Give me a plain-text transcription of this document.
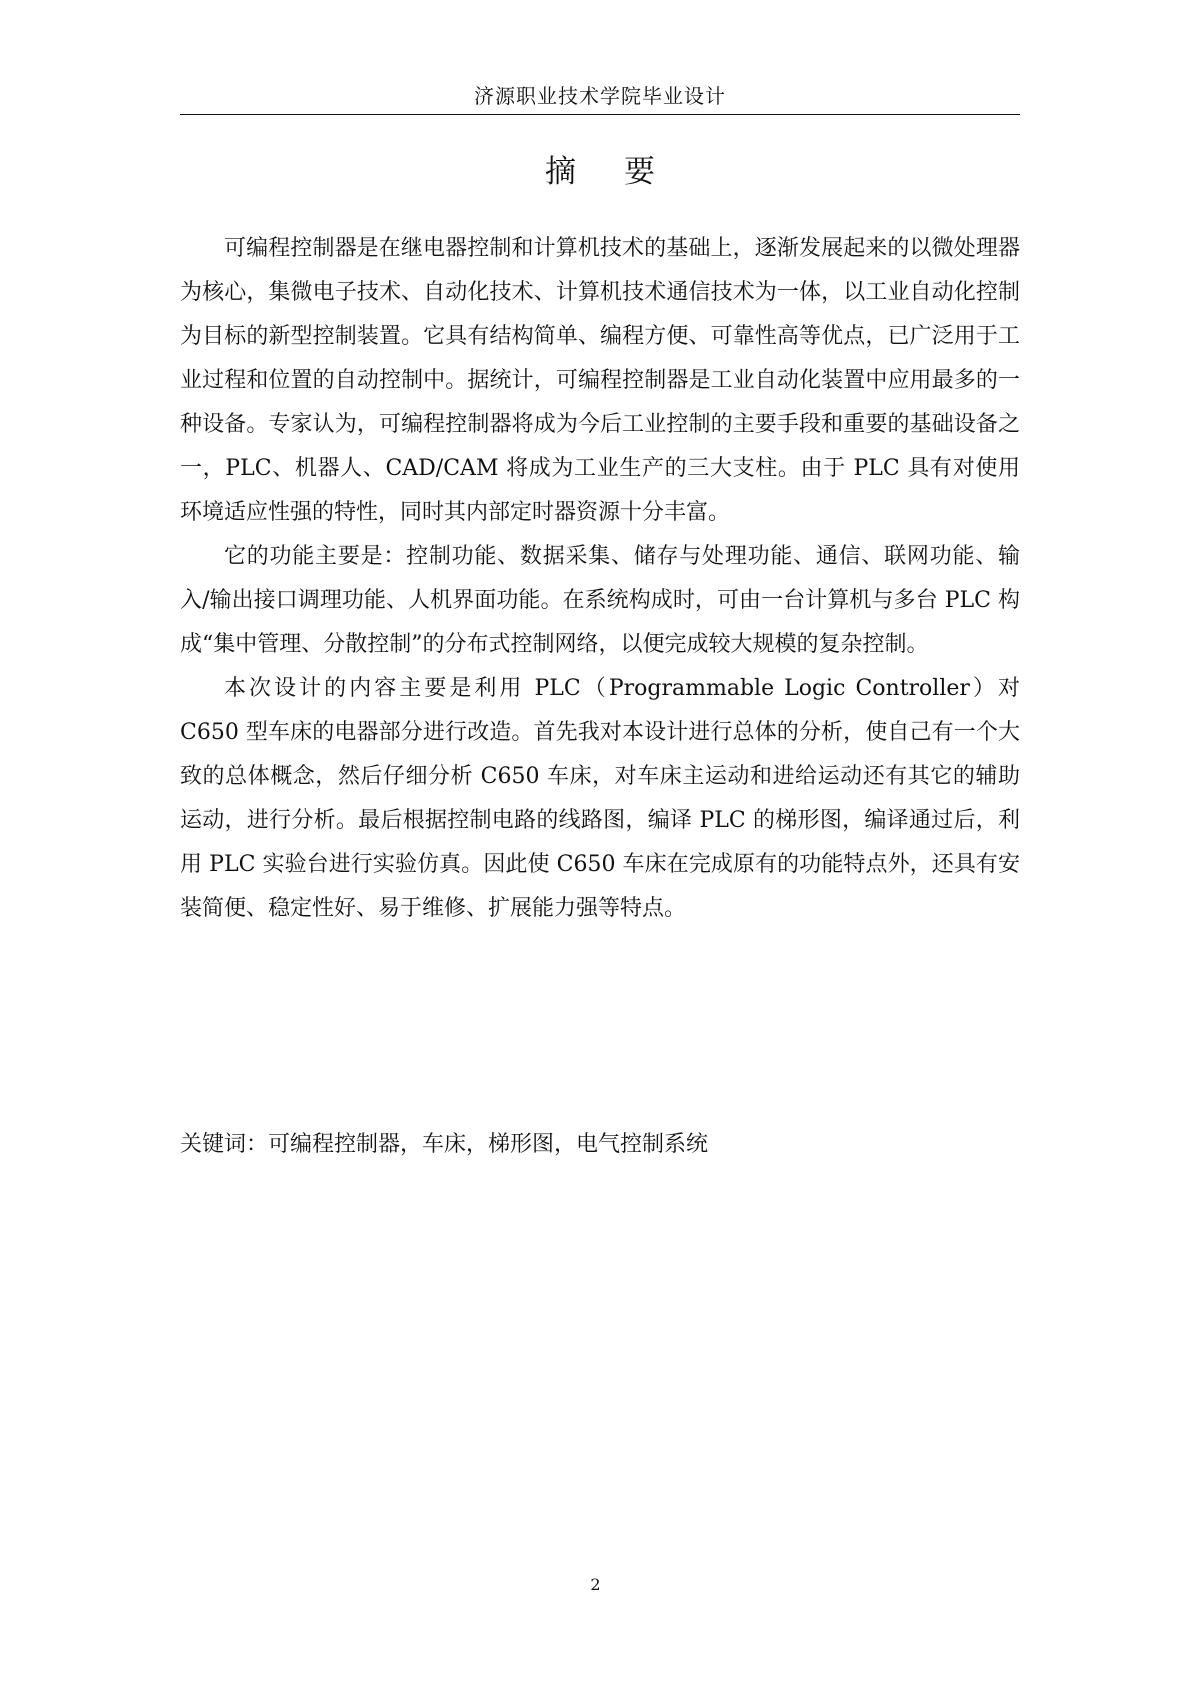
济源职业技术学院毕业设计
摘要

可编程控制器是在继电器控制和计算机技术的基础上，逐渐发展起来的以微处理器为核心，集微电子技术、自动化技术、计算机技术通信技术为一体，以工业自动化控制为目标的新型控制装置。它具有结构简单、编程方便、可靠性高等优点，已广泛用于工业过程和位置的自动控制中。据统计，可编程控制器是工业自动化装置中应用最多的一种设备。专家认为，可编程控制器将成为今后工业控制的主要手段和重要的基础设备之一，PLC、机器人、CAD/CAM 将成为工业生产的三大支柱。由于 PLC 具有对使用环境适应性强的特性，同时其内部定时器资源十分丰富。

它的功能主要是：控制功能、数据采集、储存与处理功能、通信、联网功能、输入/输出接口调理功能、人机界面功能。在系统构成时，可由一台计算机与多台 PLC 构成“集中管理、分散控制”的分布式控制网络，以便完成较大规模的复杂控制。

本次设计的内容主要是利用 PLC（Programmable Logic Controller）对 C650 型车床的电器部分进行改造。首先我对本设计进行总体的分析，使自己有一个大致的总体概念，然后仔细分析 C650 车床，对车床主运动和进给运动还有其它的辅助运动，进行分析。最后根据控制电路的线路图，编译 PLC 的梯形图，编译通过后，利用 PLC 实验台进行实验仿真。因此使 C650 车床在完成原有的功能特点外，还具有安装简便、稳定性好、易于维修、扩展能力强等特点。

关键词：可编程控制器，车床，梯形图，电气控制系统
2
